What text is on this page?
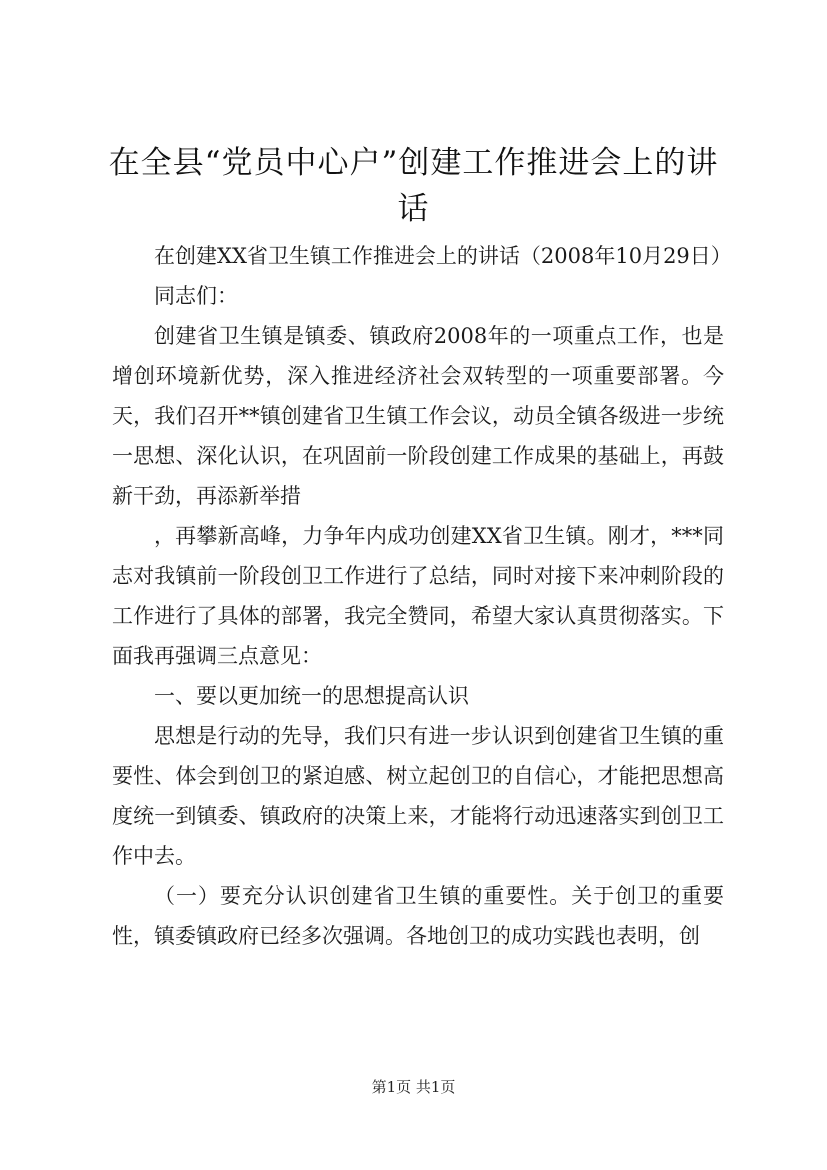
在全县“党员中心户”创建工作推进会上的讲话

在创建XX省卫生镇工作推进会上的讲话（2008年10月29日）

同志们：

创建省卫生镇是镇委、镇政府2008年的一项重点工作，也是增创环境新优势，深入推进经济社会双转型的一项重要部署。今天，我们召开**镇创建省卫生镇工作会议，动员全镇各级进一步统一思想、深化认识，在巩固前一阶段创建工作成果的基础上，再鼓新干劲，再添新举措

，再攀新高峰，力争年内成功创建XX省卫生镇。刚才，***同志对我镇前一阶段创卫工作进行了总结，同时对接下来冲刺阶段的工作进行了具体的部署，我完全赞同，希望大家认真贯彻落实。下面我再强调三点意见：

一、要以更加统一的思想提高认识

思想是行动的先导，我们只有进一步认识到创建省卫生镇的重要性、体会到创卫的紧迫感、树立起创卫的自信心，才能把思想高度统一到镇委、镇政府的决策上来，才能将行动迅速落实到创卫工作中去。

（一）要充分认识创建省卫生镇的重要性。关于创卫的重要性，镇委镇政府已经多次强调。各地创卫的成功实践也表明，创

第1页 共1页
